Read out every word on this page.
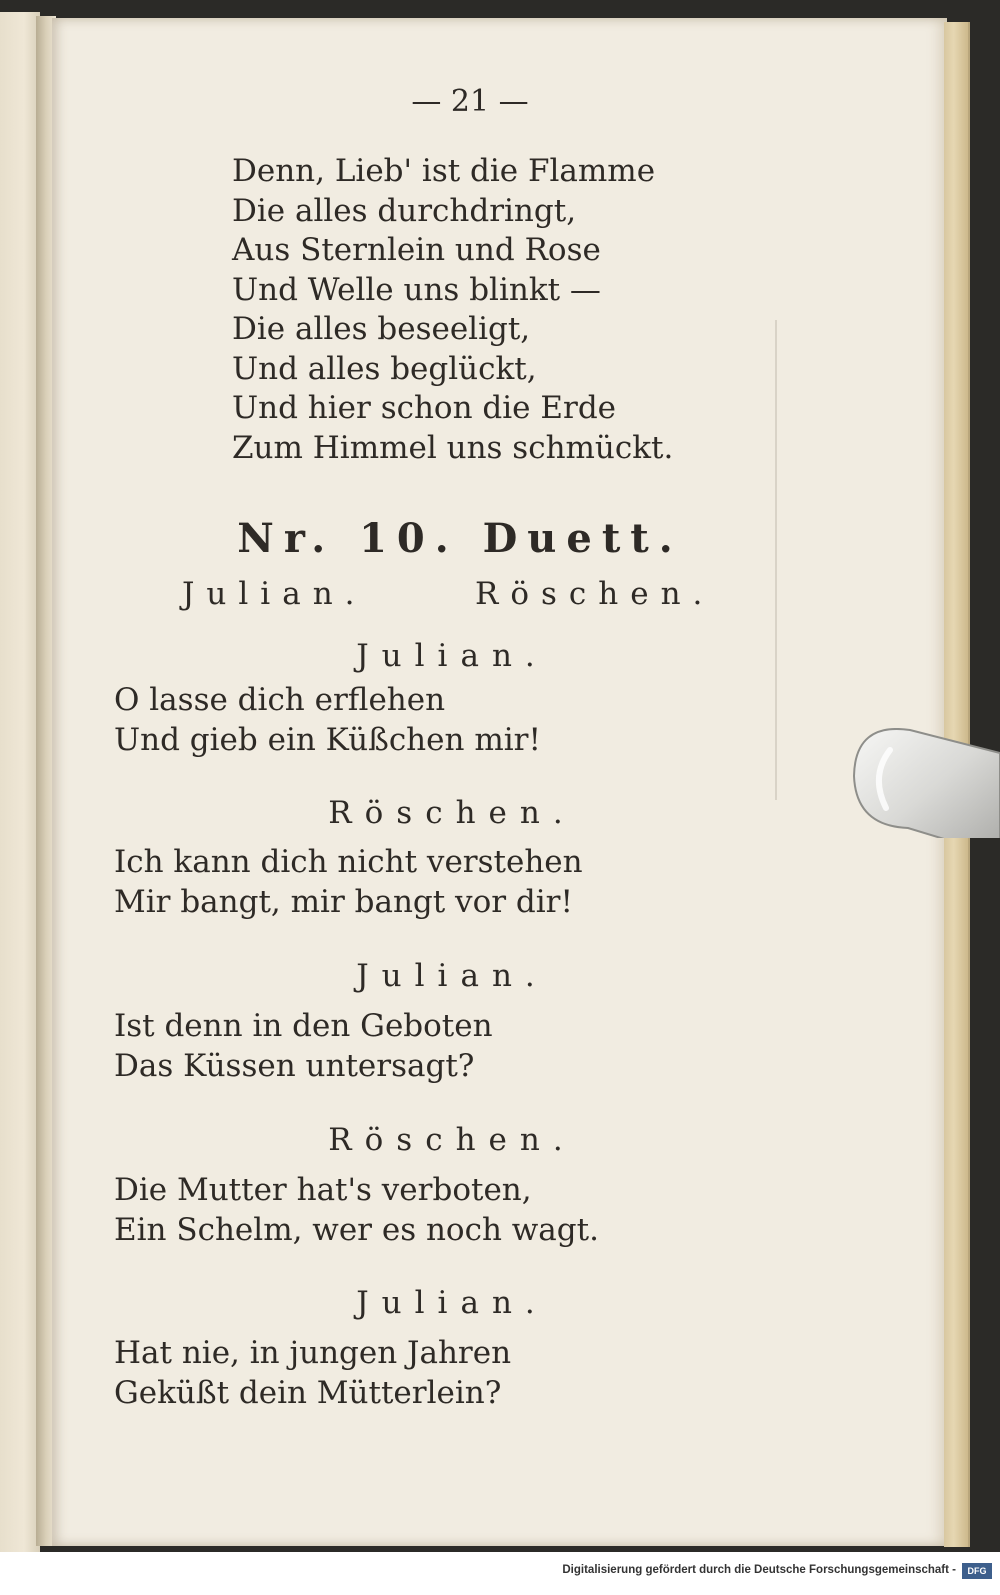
— 21 —
Denn, Lieb' ist die Flamme
Die alles durchdringt,
Aus Sternlein und Rose
Und Welle uns blinkt —
Die alles beseeligt,
Und alles beglückt,
Und hier schon die Erde
Zum Himmel uns schmückt.
Nr. 10. Duett.
Julian.	Röschen.
Julian.
O lasse dich erflehen
Und gieb ein Küßchen mir!
Röschen.
Ich kann dich nicht verstehen
Mir bangt, mir bangt vor dir!
Julian.
Ist denn in den Geboten
Das Küssen untersagt?
Röschen.
Die Mutter hat's verboten,
Ein Schelm, wer es noch wagt.
Julian.
Hat nie, in jungen Jahren
Geküßt dein Mütterlein?
Digitalisierung gefördert durch die Deutsche Forschungsgemeinschaft -	DFG
